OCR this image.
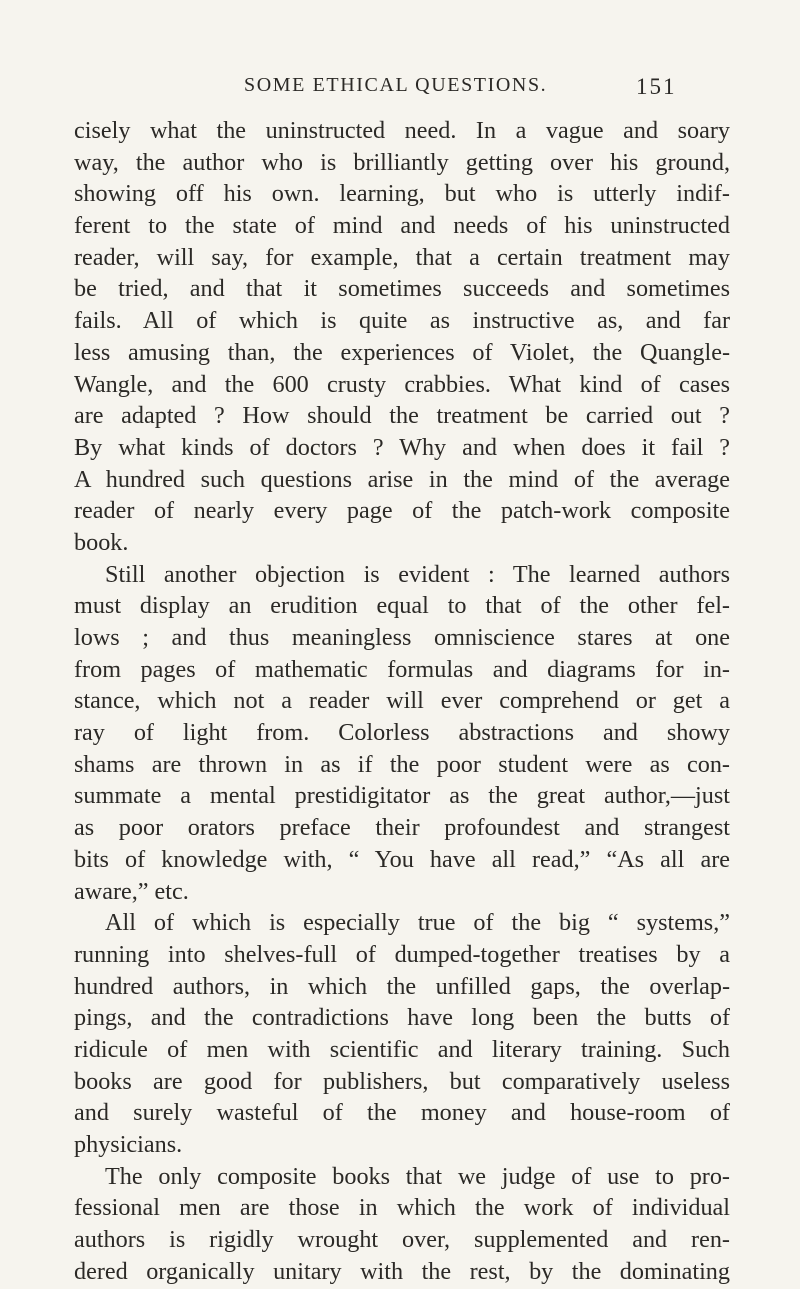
SOME ETHICAL QUESTIONS.	151
cisely what the uninstructed need. In a vague and soary
way, the author who is brilliantly getting over his ground,
showing off his own. learning, but who is utterly indif-
ferent to the state of mind and needs of his uninstructed
reader, will say, for example, that a certain treatment may
be tried, and that it sometimes succeeds and sometimes
fails. All of which is quite as instructive as, and far
less amusing than, the experiences of Violet, the Quangle-
Wangle, and the 600 crusty crabbies. What kind of cases
are adapted ? How should the treatment be carried out ?
By what kinds of doctors ? Why and when does it fail ?
A hundred such questions arise in the mind of the average
reader of nearly every page of the patch-work composite
book.
Still another objection is evident : The learned authors
must display an erudition equal to that of the other fel-
lows ; and thus meaningless omniscience stares at one
from pages of mathematic formulas and diagrams for in-
stance, which not a reader will ever comprehend or get a
ray of light from. Colorless abstractions and showy
shams are thrown in as if the poor student were as con-
summate a mental prestidigitator as the great author,—just
as poor orators preface their profoundest and strangest
bits of knowledge with, “ You have all read,” “As all are
aware,” etc.
All of which is especially true of the big “ systems,”
running into shelves-full of dumped-together treatises by a
hundred authors, in which the unfilled gaps, the overlap-
pings, and the contradictions have long been the butts of
ridicule of men with scientific and literary training. Such
books are good for publishers, but comparatively useless
and surely wasteful of the money and house-room of
physicians.
The only composite books that we judge of use to pro-
fessional men are those in which the work of individual
authors is rigidly wrought over, supplemented and ren-
dered organically unitary with the rest, by the dominating
